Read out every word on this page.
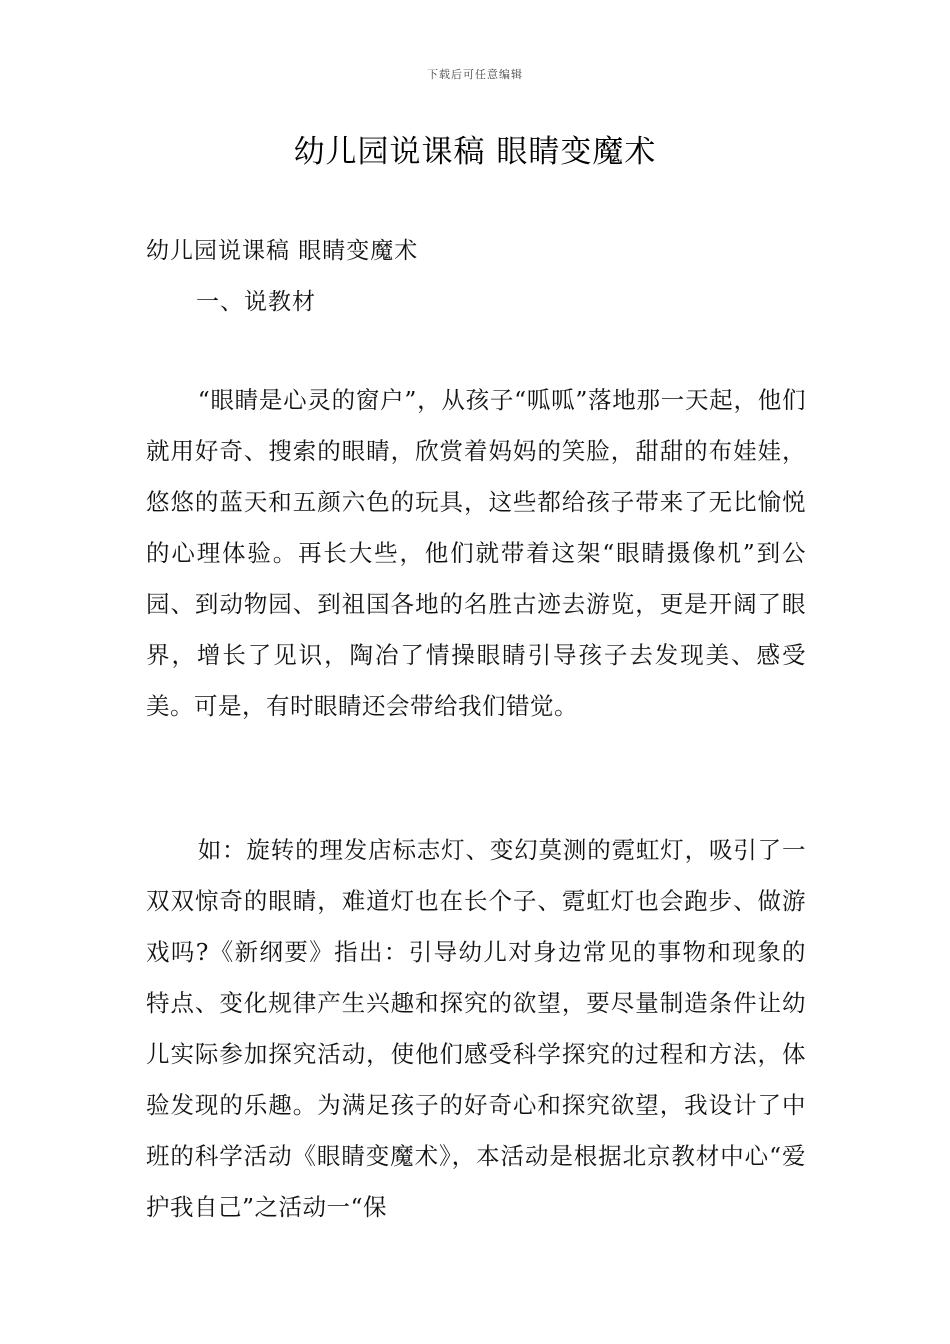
下载后可任意编辑
幼儿园说课稿 眼睛变魔术
幼儿园说课稿 眼睛变魔术
一、说教材

“眼睛是心灵的窗户”，从孩子“呱呱”落地那一天起，他们就用好奇、搜索的眼睛，欣赏着妈妈的笑脸，甜甜的布娃娃，悠悠的蓝天和五颜六色的玩具，这些都给孩子带来了无比愉悦的心理体验。再长大些，他们就带着这架“眼睛摄像机”到公园、到动物园、到祖国各地的名胜古迹去游览，更是开阔了眼界，增长了见识，陶冶了情操眼睛引导孩子去发现美、感受美。可是，有时眼睛还会带给我们错觉。

如：旋转的理发店标志灯、变幻莫测的霓虹灯，吸引了一双双惊奇的眼睛，难道灯也在长个子、霓虹灯也会跑步、做游戏吗?《新纲要》指出：引导幼儿对身边常见的事物和现象的特点、变化规律产生兴趣和探究的欲望，要尽量制造条件让幼儿实际参加探究活动，使他们感受科学探究的过程和方法，体验发现的乐趣。为满足孩子的好奇心和探究欲望，我设计了中班的科学活动《眼睛变魔术》，本活动是根据北京教材中心“爱护我自己”之活动一“保
